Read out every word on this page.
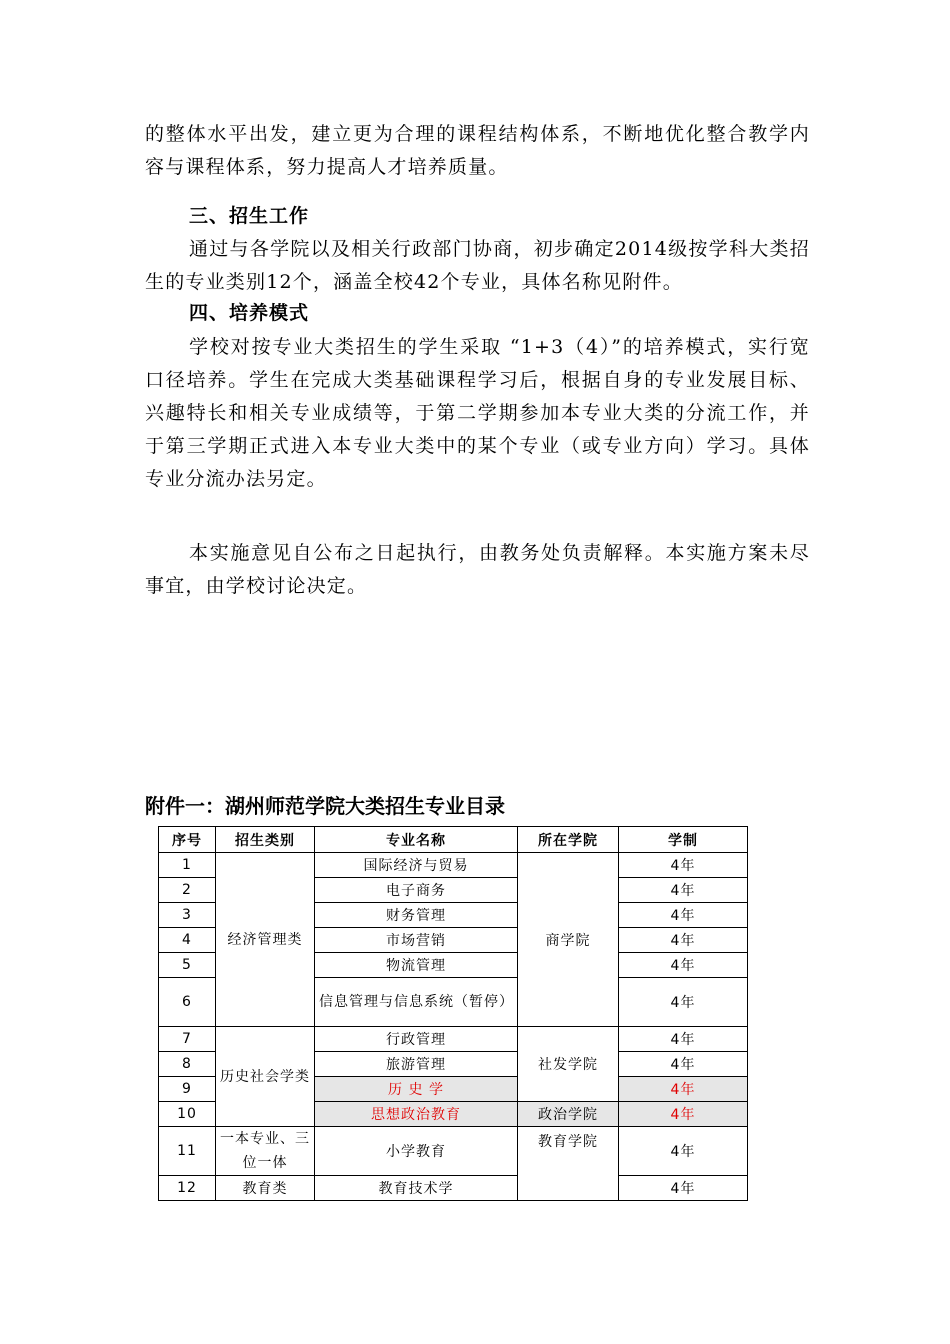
的整体水平出发，建立更为合理的课程结构体系，不断地优化整合教学内容与课程体系，努力提高人才培养质量。

三、招生工作

通过与各学院以及相关行政部门协商，初步确定2014级按学科大类招生的专业类别12个，涵盖全校42个专业，具体名称见附件。

四、培养模式

学校对按专业大类招生的学生采取 “1+3（4）”的培养模式，实行宽口径培养。学生在完成大类基础课程学习后，根据自身的专业发展目标、兴趣特长和相关专业成绩等，于第二学期参加本专业大类的分流工作，并于第三学期正式进入本专业大类中的某个专业（或专业方向）学习。具体专业分流办法另定。

本实施意见自公布之日起执行，由教务处负责解释。本实施方案未尽事宜，由学校讨论决定。

附件一：湖州师范学院大类招生专业目录

序号	招生类别	专业名称	所在学院	学制
1	经济管理类	国际经济与贸易	商学院	4年
2		电子商务		4年
3		财务管理		4年
4		市场营销		4年
5		物流管理		4年
6		信息管理与信息系统（暂停）		4年
7	历史社会学类	行政管理	社发学院	4年
8		旅游管理		4年
9		历 史 学		4年
10		思想政治教育	政治学院	4年
11	一本专业、三位一体	小学教育	教育学院	4年
12	教育类	教育技术学		4年
